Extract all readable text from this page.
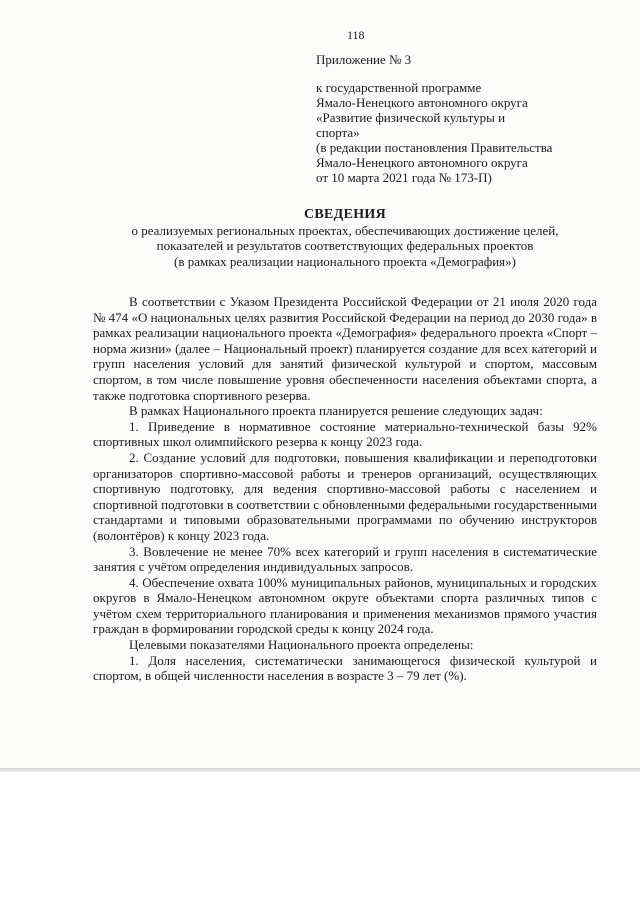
118
Приложение № 3
к государственной программе
Ямало-Ненецкого автономного округа
«Развитие физической культуры и
спорта»
(в редакции постановления Правительства
Ямало-Ненецкого автономного округа
от 10 марта 2021 года № 173-П)
СВЕДЕНИЯ
о реализуемых региональных проектах, обеспечивающих достижение целей,
показателей и результатов соответствующих федеральных проектов
(в рамках реализации национального проекта «Демография»)

В соответствии с Указом Президента Российской Федерации от 21 июля 2020 года № 474 «О национальных целях развития Российской Федерации на период до 2030 года» в рамках реализации национального проекта «Демография» федерального проекта «Спорт – норма жизни» (далее – Национальный проект) планируется создание для всех категорий и групп населения условий для занятий физической культурой и спортом, массовым спортом, в том числе повышение уровня обеспеченности населения объектами спорта, а также подготовка спортивного резерва.

В рамках Национального проекта планируется решение следующих задач:

1. Приведение в нормативное состояние материально-технической базы 92% спортивных школ олимпийского резерва к концу 2023 года.

2. Создание условий для подготовки, повышения квалификации и переподготовки организаторов спортивно-массовой работы и тренеров организаций, осуществляющих спортивную подготовку, для ведения спортивно-массовой работы с населением и спортивной подготовки в соответствии с обновленными федеральными государственными стандартами и типовыми образовательными программами по обучению инструкторов (волонтёров) к концу 2023 года.

3. Вовлечение не менее 70% всех категорий и групп населения в систематические занятия с учётом определения индивидуальных запросов.

4. Обеспечение охвата 100% муниципальных районов, муниципальных и городских округов в Ямало-Ненецком автономном округе объектами спорта различных типов с учётом схем территориального планирования и применения механизмов прямого участия граждан в формировании городской среды к концу 2024 года.

Целевыми показателями Национального проекта определены:

1. Доля населения, систематически занимающегося физической культурой и спортом, в общей численности населения в возрасте 3 – 79 лет (%).
